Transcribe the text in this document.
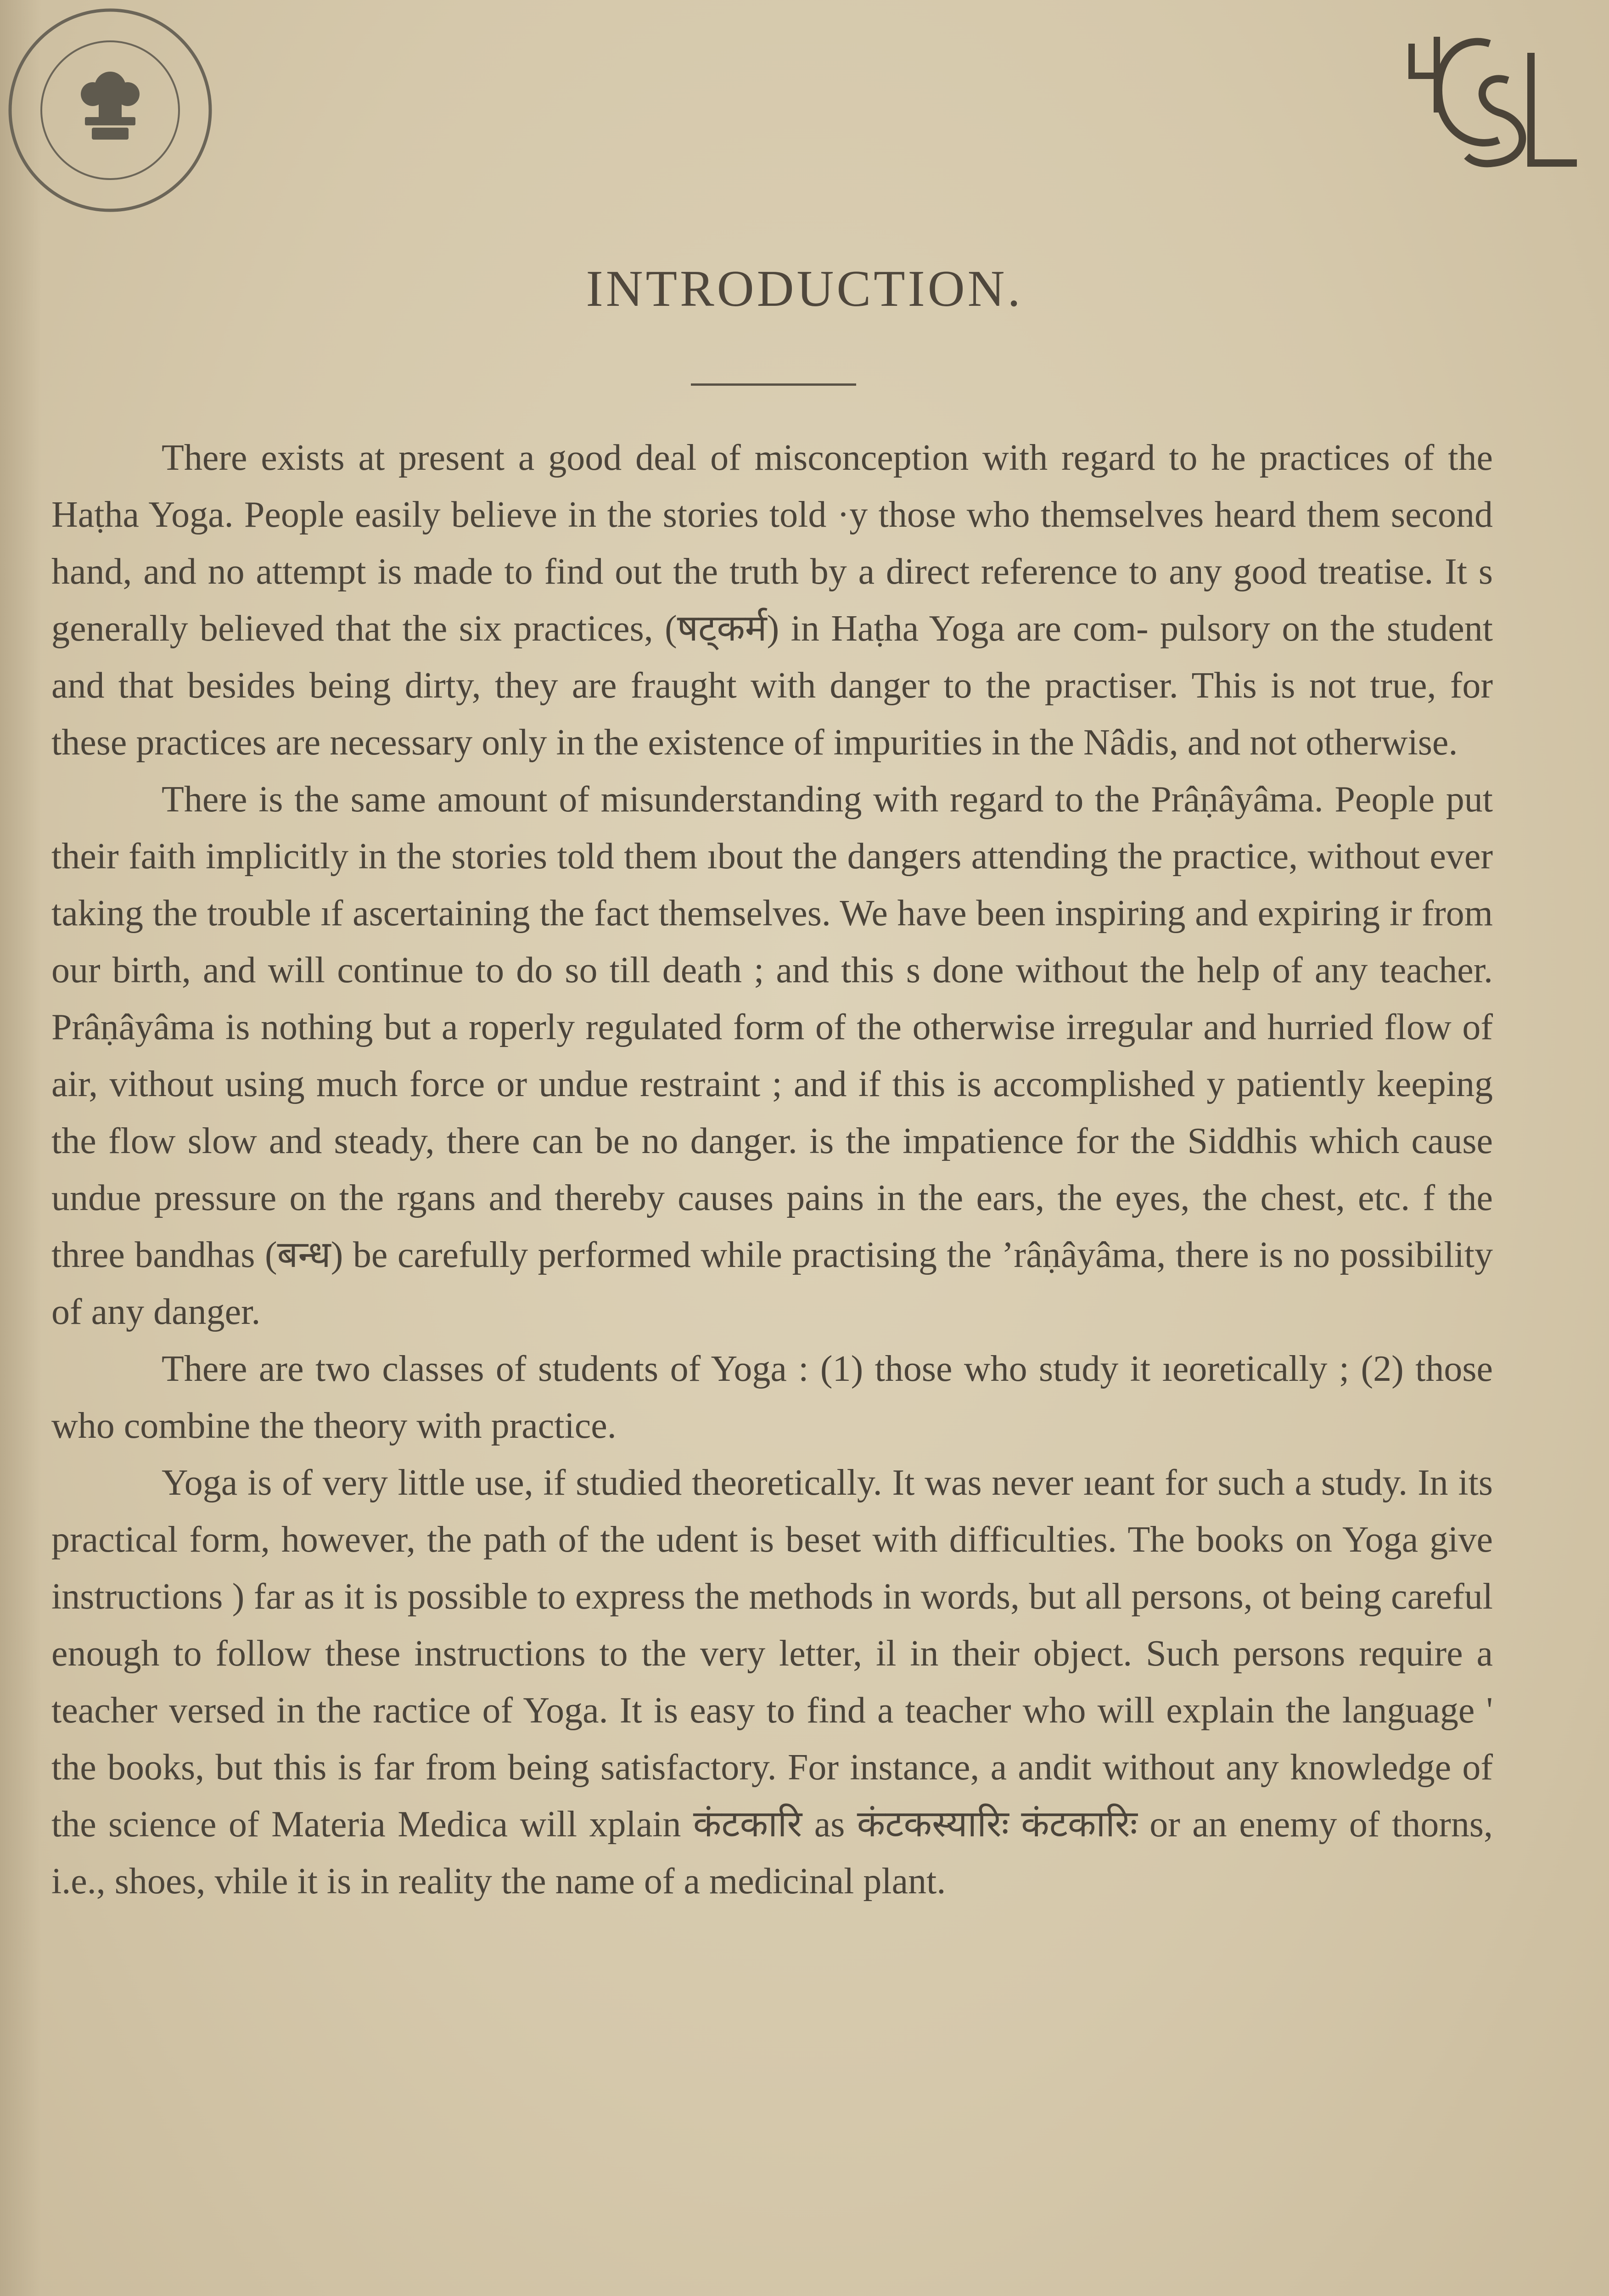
INTRODUCTION.

There exists at present a good deal of misconception with regard to he practices of the Haṭha Yoga. People easily believe in the stories told ·y those who themselves heard them second hand, and no attempt is made to find out the truth by a direct reference to any good treatise. It s generally believed that the six practices, (षट्कर्म) in Haṭha Yoga are com- pulsory on the student and that besides being dirty, they are fraught with danger to the practiser. This is not true, for these practices are necessary only in the existence of impurities in the Nâdis, and not otherwise.

There is the same amount of misunderstanding with regard to the Prâṇâyâma. People put their faith implicitly in the stories told them ıbout the dangers attending the practice, without ever taking the trouble ıf ascertaining the fact themselves. We have been inspiring and expiring ir from our birth, and will continue to do so till death ; and this s done without the help of any teacher. Prâṇâyâma is nothing but a roperly regulated form of the otherwise irregular and hurried flow of air, vithout using much force or undue restraint ; and if this is accomplished y patiently keeping the flow slow and steady, there can be no danger. is the impatience for the Siddhis which cause undue pressure on the rgans and thereby causes pains in the ears, the eyes, the chest, etc. f the three bandhas (बन्ध) be carefully performed while practising the ʼrâṇâyâma, there is no possibility of any danger.

There are two classes of students of Yoga : (1) those who study it ıeoretically ; (2) those who combine the theory with practice.

Yoga is of very little use, if studied theoretically. It was never ıeant for such a study. In its practical form, however, the path of the udent is beset with difficulties. The books on Yoga give instructions ) far as it is possible to express the methods in words, but all persons, ot being careful enough to follow these instructions to the very letter, il in their object. Such persons require a teacher versed in the ractice of Yoga. It is easy to find a teacher who will explain the language ' the books, but this is far from being satisfactory. For instance, a andit without any knowledge of the science of Materia Medica will xplain कंटकारि as कंटकस्यारिः कंटकारिः or an enemy of thorns, i.e., shoes, vhile it is in reality the name of a medicinal plant.
